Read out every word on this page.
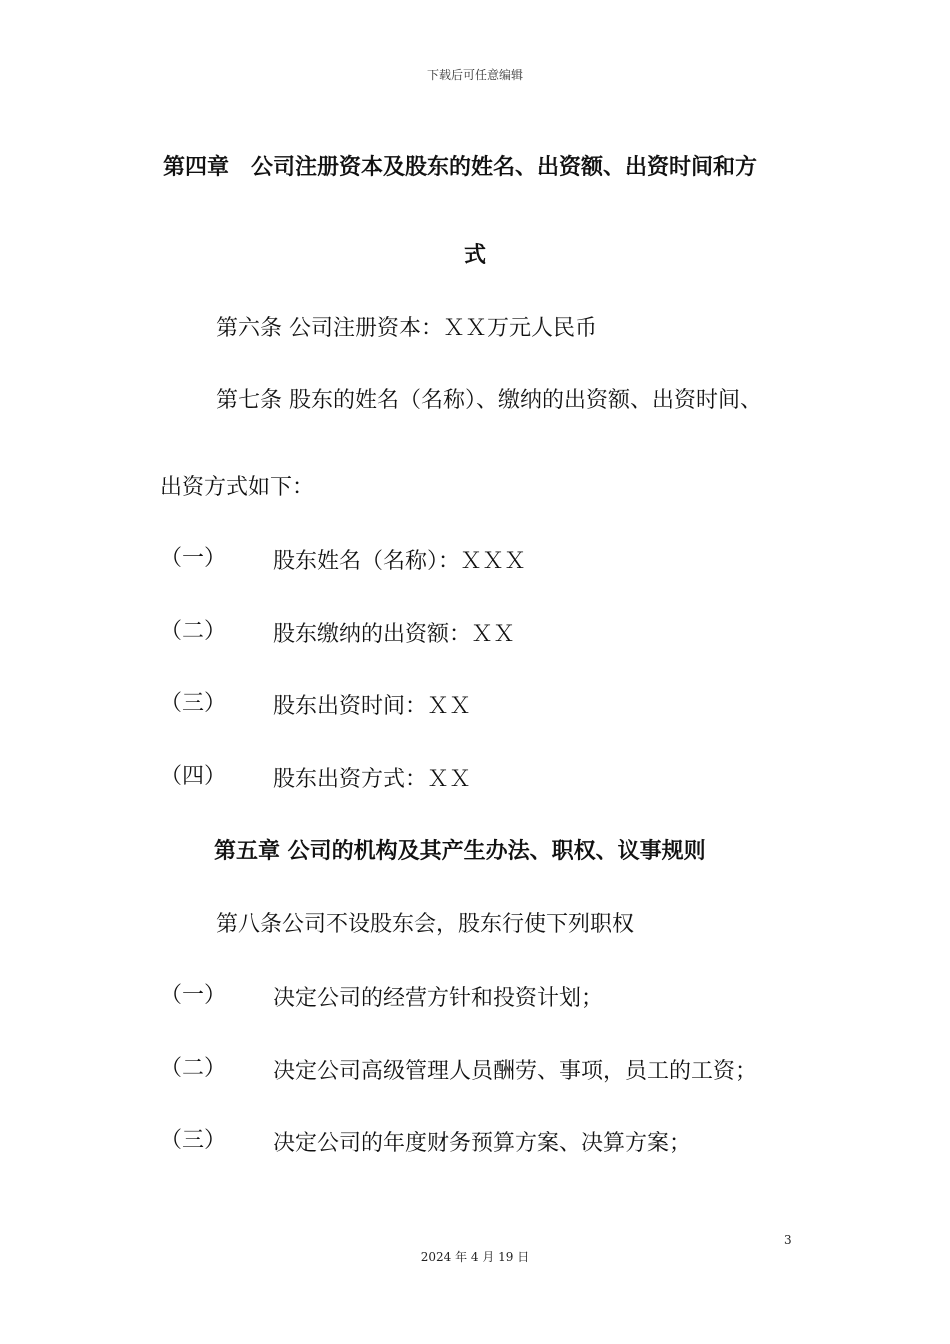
下载后可任意编辑
第四章　公司注册资本及股东的姓名、出资额、出资时间和方
式
第六条 公司注册资本：ＸＸ万元人民币
第七条 股东的姓名（名称）、缴纳的出资额、出资时间、
出资方式如下：
（一） 股东姓名（名称）：ＸＸＸ
（二） 股东缴纳的出资额：ＸＸ
（三） 股东出资时间：ＸＸ
（四） 股东出资方式：ＸＸ
第五章 公司的机构及其产生办法、职权、议事规则
第八条公司不设股东会，股东行使下列职权
（一） 决定公司的经营方针和投资计划；
（二） 决定公司高级管理人员酬劳、事项，员工的工资；
（三） 决定公司的年度财务预算方案、决算方案；
3
2024 年 4 月 19 日
